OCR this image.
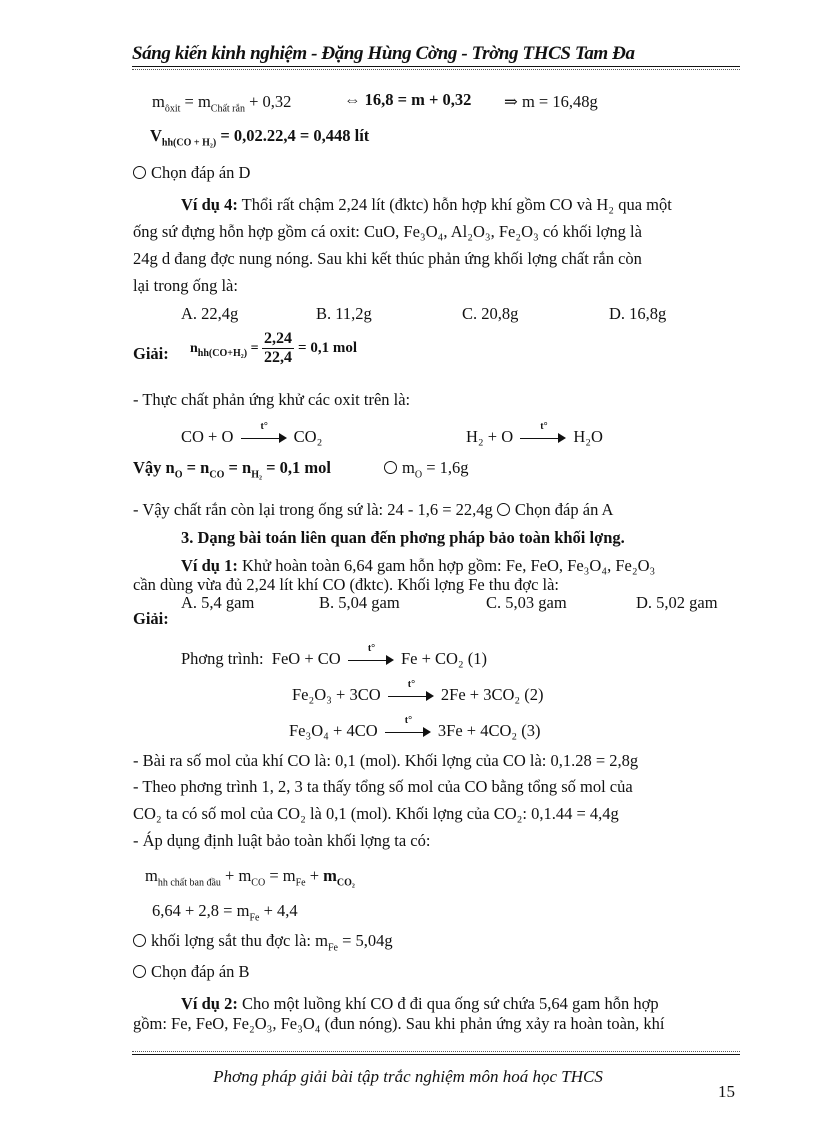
Sáng kiến kinh nghiệm - Đặng Hùng Cờng - Trờng THCS Tam Đa
$m_{ôxit} = m_{Chất rắn} + 0,32$	⇔ 16,8 = m + 0,32 ⇒ m = 16,48g
$V_{hh(CO + H_2)} = 0,02.22,4 = 0,448$ lít
Chọn đáp án D
Ví dụ 4: Thổi rất chậm 2,24 lít (đktc) hỗn hợp khí gồm CO và H₂ qua một
ống sứ đựng hỗn hợp gồm cá oxit: CuO, Fe₃O₄, Al₂O₃, Fe₂O₃ có khối lợng là
24g d đang đợc nung nóng. Sau khi kết thúc phản ứng khối lợng chất rắn còn
lại trong ống là:
A. 22,4g	B. 11,2g	C. 20,8g	D. 16,8g
Giải: $n_{hh(CO+H_2)} = \frac{2,24}{22,4} = 0,1$ mol
- Thực chất phản ứng khử các oxit trên là:
CO + O
t°
CO₂	H₂ + O
t°
H₂O
Vậy $n_O = n_{CO} = n_{H_2} = 0,1$ mol	$m_O = 1,6g$
- Vậy chất rắn còn lại trong ống sứ là: 24 - 1,6 = 22,4g Chọn đáp án A
3. Dạng bài toán liên quan đến phơng pháp bảo toàn khối lợng.
Ví dụ 1: Khử hoàn toàn 6,64 gam hỗn hợp gồm: Fe, FeO, Fe₃O₄, Fe₂O₃
cần dùng vừa đủ 2,24 lít khí CO (đktc). Khối lợng Fe thu đợc là:
A. 5,4 gam	B. 5,04 gam	C. 5,03 gam	D. 5,02 gam
Giải:
Phơng trình: FeO + CO
t°
Fe + CO₂ (1)
Fe₂O₃ + 3CO
t°
2Fe + 3CO₂ (2)
Fe₃O₄ + 4CO
t°
3Fe + 4CO₂ (3)
- Bài ra số mol của khí CO là: 0,1 (mol). Khối lợng của CO là: 0,1.28 = 2,8g
- Theo phơng trình 1, 2, 3 ta thấy tổng số mol của CO bằng tổng số mol của
CO₂ ta có số mol của CO₂ là 0,1 (mol). Khối lợng của CO₂: 0,1.44 = 4,4g
- Áp dụng định luật bảo toàn khối lợng ta có:
$m_{hh chất ban đầu} + m_{CO} = m_{Fe} + m_{CO_2}$
$6,64 + 2,8 = m_{Fe} + 4,4$
khối lợng sắt thu đợc là: $m_{Fe} = 5,04g$
Chọn đáp án B
Ví dụ 2: Cho một luồng khí CO đ đi qua ống sứ chứa 5,64 gam hỗn hợp
gồm: Fe, FeO, Fe₂O₃, Fe₃O₄ (đun nóng). Sau khi phản ứng xảy ra hoàn toàn, khí
Phơng pháp giải bài tập trắc nghiệm môn hoá học THCS
15
